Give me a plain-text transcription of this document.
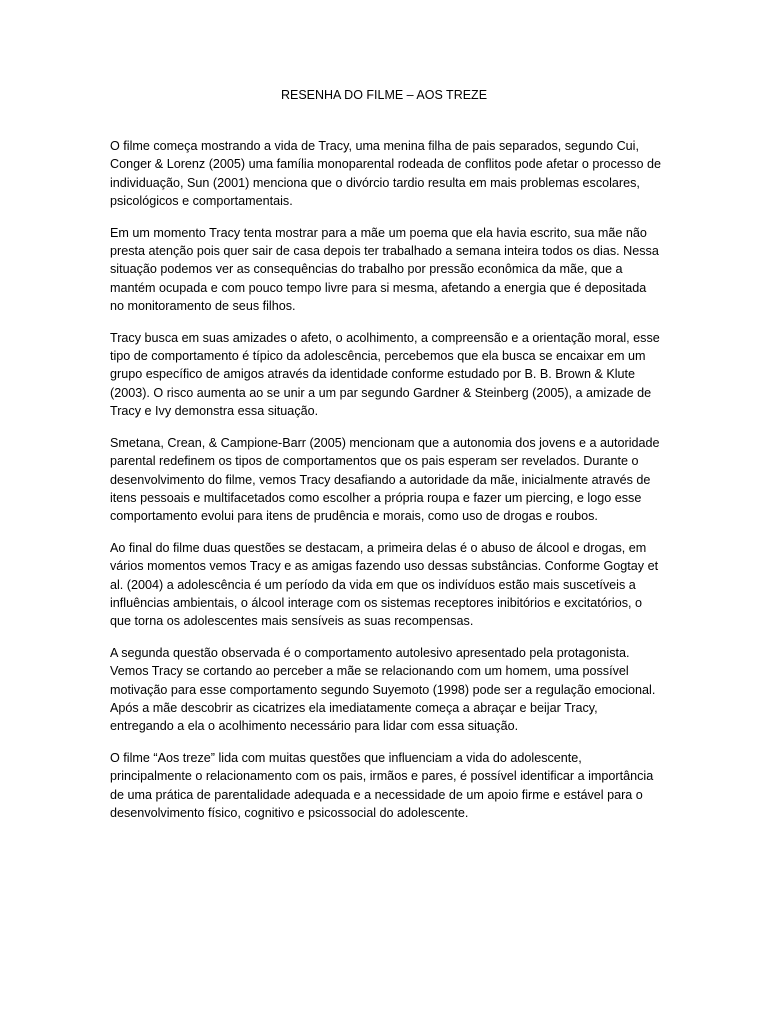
RESENHA DO FILME – AOS TREZE

O filme começa mostrando a vida de Tracy, uma menina filha de pais separados, segundo Cui, Conger & Lorenz (2005) uma família monoparental rodeada de conflitos pode afetar o processo de individuação, Sun (2001) menciona que o divórcio tardio resulta em mais problemas escolares, psicológicos e comportamentais.

Em um momento Tracy tenta mostrar para a mãe um poema que ela havia escrito, sua mãe não presta atenção pois quer sair de casa depois ter trabalhado a semana inteira todos os dias. Nessa situação podemos ver as consequências do trabalho por pressão econômica da mãe, que a mantém ocupada e com pouco tempo livre para si mesma, afetando a energia que é depositada no monitoramento de seus filhos.

Tracy busca em suas amizades o afeto, o acolhimento, a compreensão e a orientação moral, esse tipo de comportamento é típico da adolescência, percebemos que ela busca se encaixar em um grupo específico de amigos através da identidade conforme estudado por B. B. Brown & Klute (2003). O risco aumenta ao se unir a um par segundo Gardner & Steinberg (2005), a amizade de Tracy e Ivy demonstra essa situação.

Smetana, Crean, & Campione-Barr (2005) mencionam que a autonomia dos jovens e a autoridade parental redefinem os tipos de comportamentos que os pais esperam ser revelados. Durante o desenvolvimento do filme, vemos Tracy desafiando a autoridade da mãe, inicialmente através de itens pessoais e multifacetados como escolher a própria roupa e fazer um piercing, e logo esse comportamento evolui para itens de prudência e morais, como uso de drogas e roubos.

Ao final do filme duas questões se destacam, a primeira delas é o abuso de álcool e drogas, em vários momentos vemos Tracy e as amigas fazendo uso dessas substâncias. Conforme Gogtay et al. (2004) a adolescência é um período da vida em que os indivíduos estão mais suscetíveis a influências ambientais, o álcool interage com os sistemas receptores inibitórios e excitatórios, o que torna os adolescentes mais sensíveis as suas recompensas.

A segunda questão observada é o comportamento autolesivo apresentado pela protagonista. Vemos Tracy se cortando ao perceber a mãe se relacionando com um homem, uma possível motivação para esse comportamento segundo Suyemoto (1998) pode ser a regulação emocional. Após a mãe descobrir as cicatrizes ela imediatamente começa a abraçar e beijar Tracy, entregando a ela o acolhimento necessário para lidar com essa situação.

O filme “Aos treze” lida com muitas questões que influenciam a vida do adolescente, principalmente o relacionamento com os pais, irmãos e pares, é possível identificar a importância de uma prática de parentalidade adequada e a necessidade de um apoio firme e estável para o desenvolvimento físico, cognitivo e psicossocial do adolescente.
